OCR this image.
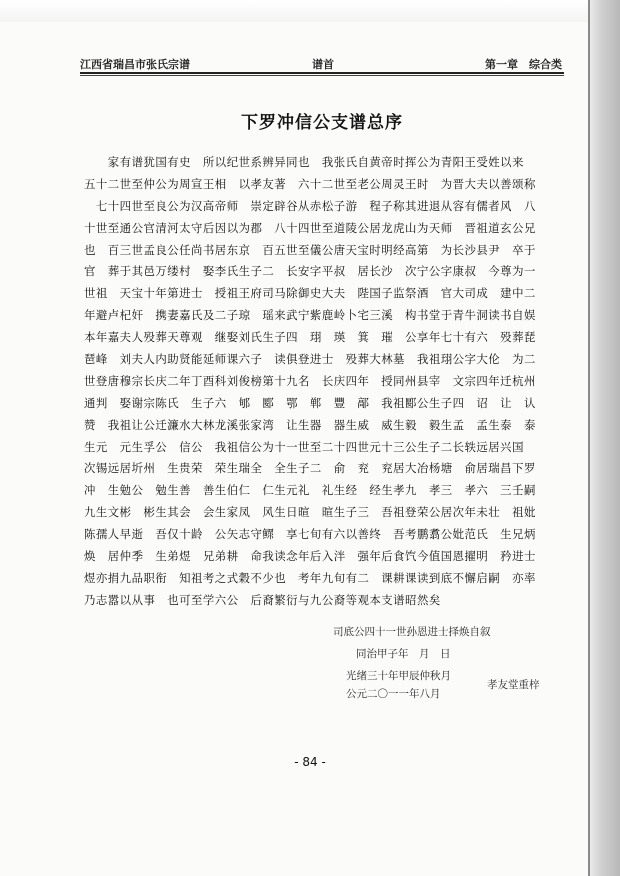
江西省瑞昌市张氏宗谱	谱首	第一章　综合类
下罗冲信公支谱总序
　　家有谱犹国有史　所以纪世系辨异同也　我张氏自黄帝时挥公为青阳王受姓以来
五十二世至仲公为周宣王相　以孝友著　六十二世至老公周灵王时　为晋大夫以善颂称
　七十四世至良公为汉高帝师　崇定辟谷从赤松子游　程子称其进退从容有儒者风　八
十世至通公官清河太守后因以为郡　八十四世至道陵公居龙虎山为天师　晋祖道玄公兄
也　百三世孟良公任尚书居东京　百五世至儀公唐天宝时明经高第　为长沙县尹　卒于
官　葬于其邑万缕村　娶李氏生子二　长安字平叔　居长沙　次宁公字康叔　今尊为一
世祖　天宝十年第进士　授祖王府司马除御史大夫　陛国子监祭酒　官大司成　建中二
年避卢杞奸　携妻嘉氏及二子琼　瑶来武宁紫鹿岭卜宅三溪　构书堂于青牛洞读书自娱
本年嘉夫人殁葬天尊观　继娶刘氏生子四　珝　瑛　箕　璀　公享年七十有六　殁葬琵
琶峰　刘夫人内助贤能延师课六子　读俱登进士　殁葬大林墓　我祖珝公字大伦　为二
世登唐穆宗长庆二年丁酉科刘俊榜第十九名　长庆四年　授同州县宰　文宗四年迁杭州
通判　娶谢宗陈氏　生子六　郇　郾　鄂　郸　豐　鄗　我祖郾公生子四　诏　让　认
赞　我祖让公迁濂水大林龙溪张家湾　让生器　器生威　威生毅　毅生孟　孟生泰　泰
生元　元生孚公　信公　我祖信公为十一世至二十四世元十三公生子二长轶远居兴国
次锡远居圻州　生贵荣　荣生瑞全　全生子二　俞　兖　兖居大冶杨塘　俞居瑞昌下罗
冲　生勉公　勉生善　善生伯仁　仁生元礼　礼生经　经生孝九　孝三　孝六　三壬嗣
九生文彬　彬生其会　会生家凤　风生日暄　暄生子三　吾祖登荣公居次年未壮　祖妣
陈孺人早逝　吾仅十龄　公矢志守鳏　享七旬有六以善终　吾考鹏翥公妣范氏　生兄炳
焕　居仲季　生弟煜　兄弟耕　命我读念年后入泮　强年后食饩今值国恩擢明　矜进士
煜亦捐九品职衔　知祖考之式穀不少也　考年九旬有二　课耕课读到底不懈启嗣　亦率
乃志嚣以从事　也可至学六公　后裔繁衍与九公裔等观本支谱昭然矣
司底公四十一世孙恩进士择焕自叙
同治甲子年　月　日
光绪三十年甲辰仲秋月
公元二〇一一年八月
孝友堂重梓
- 84 -
